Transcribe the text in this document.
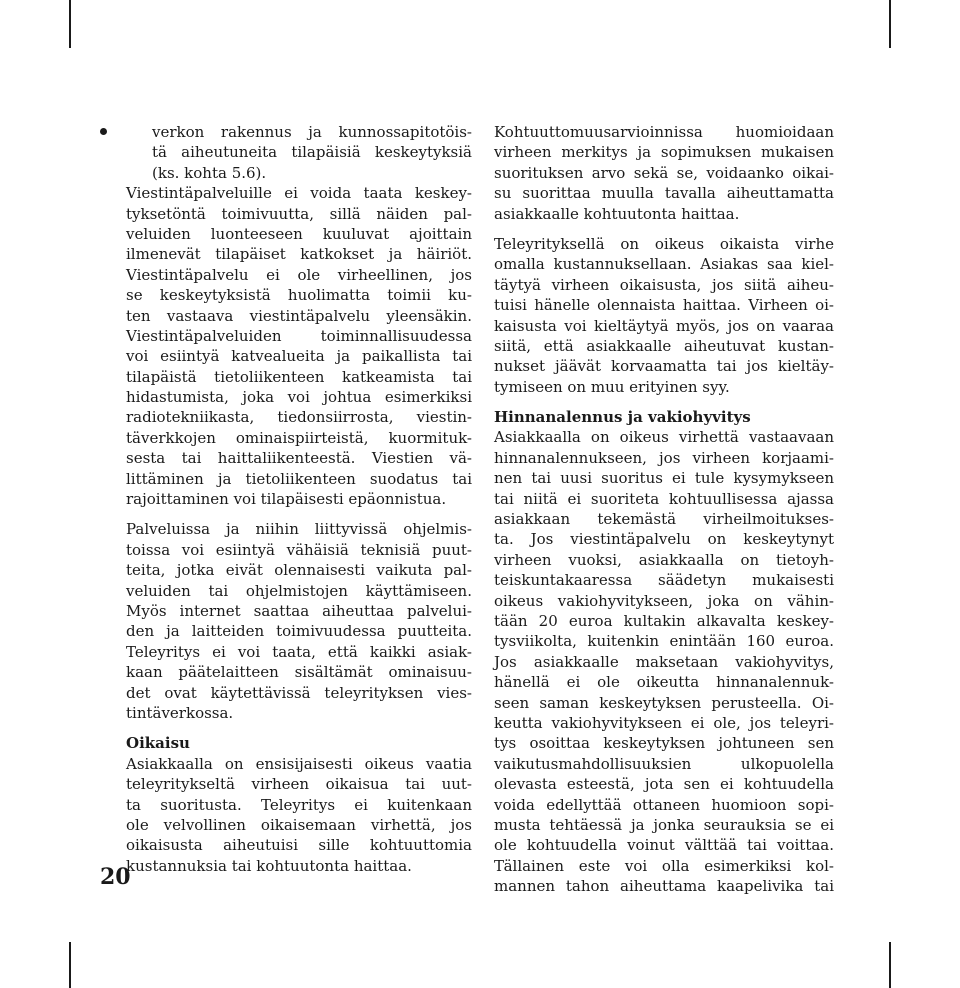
verkon rakennus ja kunnossapitotöis-
tä aiheutuneita tilapäisiä keskeytyksiä
(ks. kohta 5.6).
Viestintäpalveluille ei voida taata keskey-
tyksetöntä toimivuutta, sillä näiden pal-
veluiden luonteeseen kuuluvat ajoittain
ilmenevät tilapäiset katkokset ja häiriöt.
Viestintäpalvelu ei ole virheellinen, jos
se keskeytyksistä huolimatta toimii ku-
ten vastaava viestintäpalvelu yleensäkin.
Viestintäpalveluiden toiminnallisuudessa
voi esiintyä katvealueita ja paikallista tai
tilapäistä tietoliikenteen katkeamista tai
hidastumista, joka voi johtua esimerkiksi
radiotekniikasta, tiedonsiirrosta, viestin-
täverkkojen ominaispiirteistä, kuormituk-
sesta tai haittaliikenteestä. Viestien vä-
littäminen ja tietoliikenteen suodatus tai
rajoittaminen voi tilapäisesti epäonnistua.
Palveluissa ja niihin liittyvissä ohjelmis-
toissa voi esiintyä vähäisiä teknisiä puut-
teita, jotka eivät olennaisesti vaikuta pal-
veluiden tai ohjelmistojen käyttämiseen.
Myös internet saattaa aiheuttaa palvelui-
den ja laitteiden toimivuudessa puutteita.
Teleyritys ei voi taata, että kaikki asiak-
kaan päätelaitteen sisältämät ominaisuu-
det ovat käytettävissä teleyrityksen vies-
tintäverkossa.
Oikaisu
Asiakkaalla on ensisijaisesti oikeus vaatia
teleyritykseltä virheen oikaisua tai uut-
ta suoritusta. Teleyritys ei kuitenkaan
ole velvollinen oikaisemaan virhettä, jos
oikaisusta aiheutuisi sille kohtuuttomia
kustannuksia tai kohtuutonta haittaa.
Kohtuuttomuusarvioinnissa huomioidaan
virheen merkitys ja sopimuksen mukaisen
suorituksen arvo sekä se, voidaanko oikai-
su suorittaa muulla tavalla aiheuttamatta
asiakkaalle kohtuutonta haittaa.
Teleyrityksellä on oikeus oikaista virhe
omalla kustannuksellaan. Asiakas saa kiel-
täytyä virheen oikaisusta, jos siitä aiheu-
tuisi hänelle olennaista haittaa. Virheen oi-
kaisusta voi kieltäytyä myös, jos on vaaraa
siitä, että asiakkaalle aiheutuvat kustan-
nukset jäävät korvaamatta tai jos kieltäy-
tymiseen on muu erityinen syy.
Hinnanalennus ja vakiohyvitys
Asiakkaalla on oikeus virhettä vastaavaan
hinnanalennukseen, jos virheen korjaami-
nen tai uusi suoritus ei tule kysymykseen
tai niitä ei suoriteta kohtuullisessa ajassa
asiakkaan tekemästä virheilmoitukses-
ta. Jos viestintäpalvelu on keskeytynyt
virheen vuoksi, asiakkaalla on tietoyh-
teiskuntakaaressa säädetyn mukaisesti
oikeus vakiohyvitykseen, joka on vähin-
tään 20 euroa kultakin alkavalta keskey-
tysviikolta, kuitenkin enintään 160 euroa.
Jos asiakkaalle maksetaan vakiohyvitys,
hänellä ei ole oikeutta hinnanalennuk-
seen saman keskeytyksen perusteella. Oi-
keutta vakiohyvitykseen ei ole, jos teleyri-
tys osoittaa keskeytyksen johtuneen sen
vaikutusmahdollisuuksien ulkopuolella
olevasta esteestä, jota sen ei kohtuudella
voida edellyttää ottaneen huomioon sopi-
musta tehtäessä ja jonka seurauksia se ei
ole kohtuudella voinut välttää tai voittaa.
Tällainen este voi olla esimerkiksi kol-
mannen tahon aiheuttama kaapelivika tai
20
